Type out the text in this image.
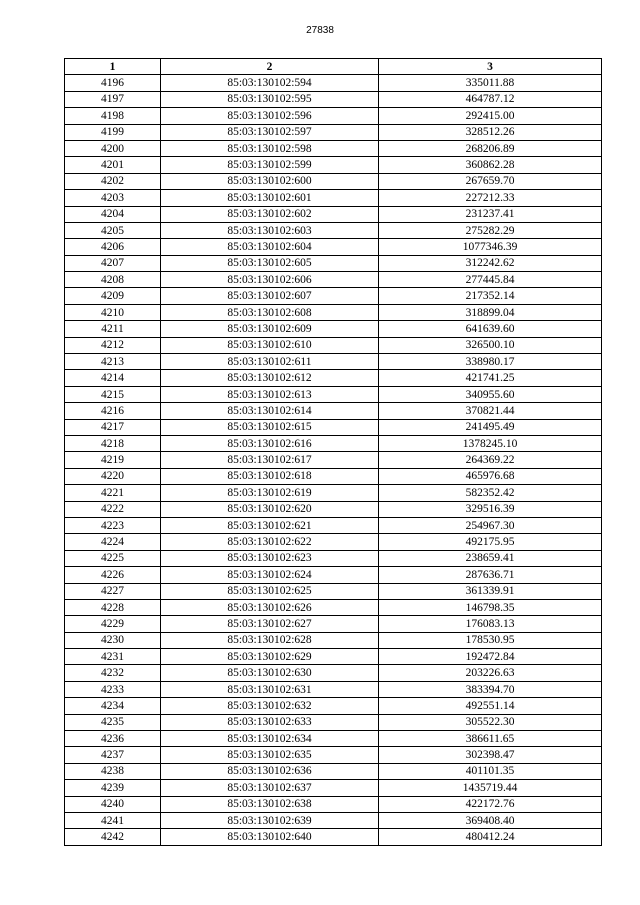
27838
1	2	3
4196	85:03:130102:594	335011.88
4197	85:03:130102:595	464787.12
4198	85:03:130102:596	292415.00
4199	85:03:130102:597	328512.26
4200	85:03:130102:598	268206.89
4201	85:03:130102:599	360862.28
4202	85:03:130102:600	267659.70
4203	85:03:130102:601	227212.33
4204	85:03:130102:602	231237.41
4205	85:03:130102:603	275282.29
4206	85:03:130102:604	1077346.39
4207	85:03:130102:605	312242.62
4208	85:03:130102:606	277445.84
4209	85:03:130102:607	217352.14
4210	85:03:130102:608	318899.04
4211	85:03:130102:609	641639.60
4212	85:03:130102:610	326500.10
4213	85:03:130102:611	338980.17
4214	85:03:130102:612	421741.25
4215	85:03:130102:613	340955.60
4216	85:03:130102:614	370821.44
4217	85:03:130102:615	241495.49
4218	85:03:130102:616	1378245.10
4219	85:03:130102:617	264369.22
4220	85:03:130102:618	465976.68
4221	85:03:130102:619	582352.42
4222	85:03:130102:620	329516.39
4223	85:03:130102:621	254967.30
4224	85:03:130102:622	492175.95
4225	85:03:130102:623	238659.41
4226	85:03:130102:624	287636.71
4227	85:03:130102:625	361339.91
4228	85:03:130102:626	146798.35
4229	85:03:130102:627	176083.13
4230	85:03:130102:628	178530.95
4231	85:03:130102:629	192472.84
4232	85:03:130102:630	203226.63
4233	85:03:130102:631	383394.70
4234	85:03:130102:632	492551.14
4235	85:03:130102:633	305522.30
4236	85:03:130102:634	386611.65
4237	85:03:130102:635	302398.47
4238	85:03:130102:636	401101.35
4239	85:03:130102:637	1435719.44
4240	85:03:130102:638	422172.76
4241	85:03:130102:639	369408.40
4242	85:03:130102:640	480412.24
